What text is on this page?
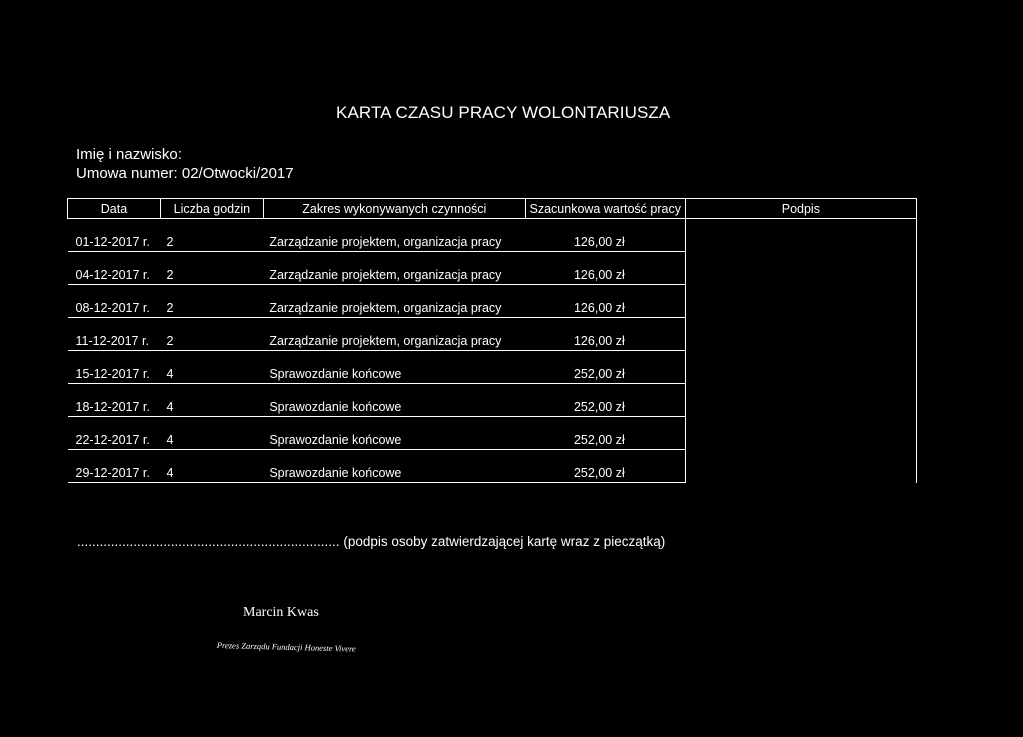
KARTA CZASU PRACY WOLONTARIUSZA
Imię i nazwisko:
Umowa numer: 02/Otwocki/2017
Data	Liczba godzin	Zakres wykonywanych czynności	Szacunkowa wartość pracy	Podpis
01-12-2017 r.	2	Zarządzanie projektem, organizacja pracy	126,00 zł	
04-12-2017 r.	2	Zarządzanie projektem, organizacja pracy	126,00 zł	
08-12-2017 r.	2	Zarządzanie projektem, organizacja pracy	126,00 zł	
11-12-2017 r.	2	Zarządzanie projektem, organizacja pracy	126,00 zł	
15-12-2017 r.	4	Sprawozdanie końcowe	252,00 zł	
18-12-2017 r.	4	Sprawozdanie końcowe	252,00 zł	
22-12-2017 r.	4	Sprawozdanie końcowe	252,00 zł	
29-12-2017 r.	4	Sprawozdanie końcowe	252,00 zł	
...................................................................... (podpis osoby zatwierdzającej kartę wraz z pieczątką)
Marcin Kwas
Prezes Zarządu Fundacji Honeste Vivere
